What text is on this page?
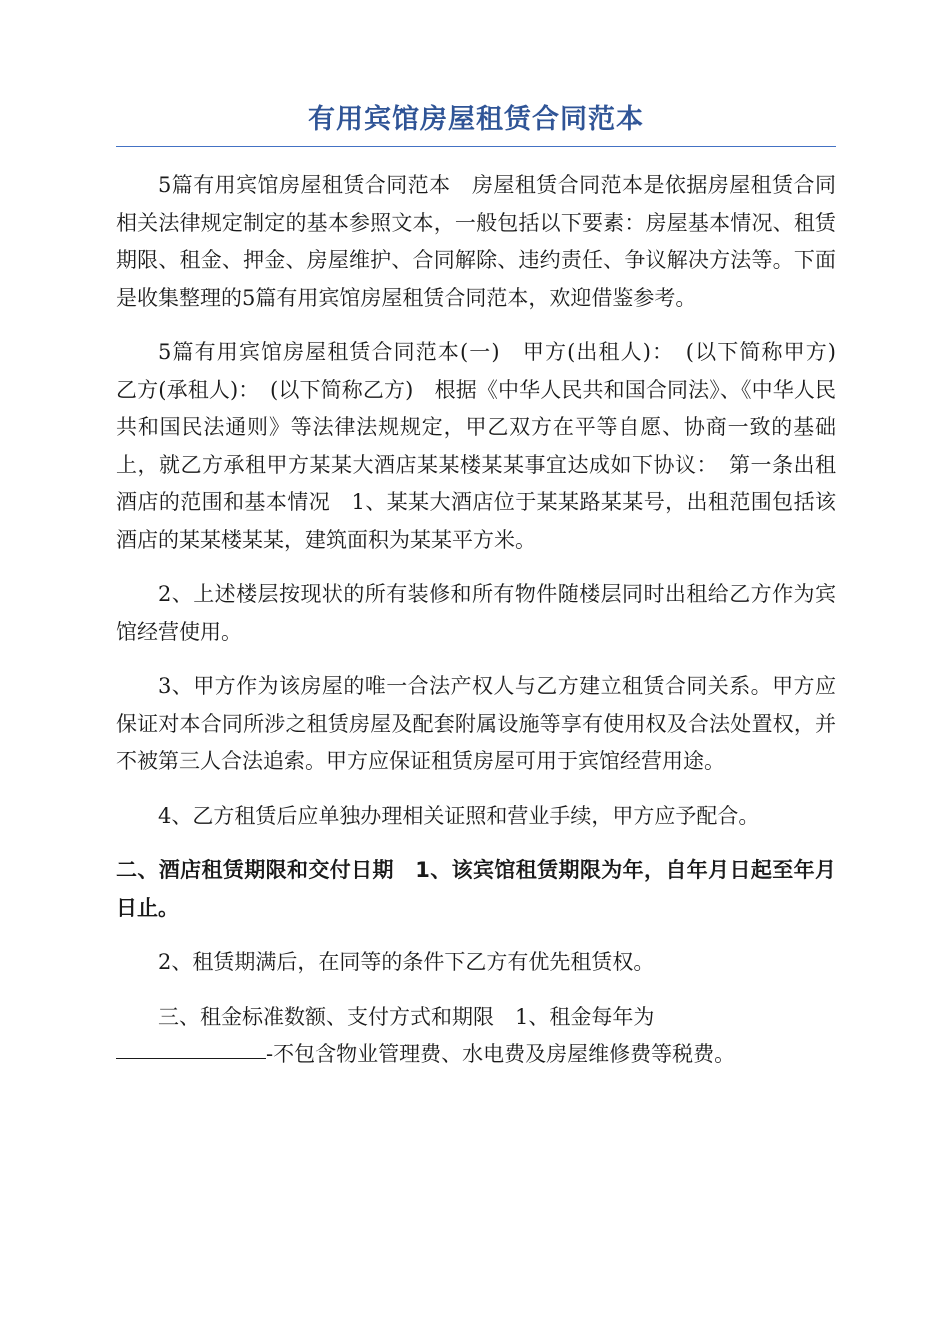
有用宾馆房屋租赁合同范本

5篇有用宾馆房屋租赁合同范本　房屋租赁合同范本是依据房屋租赁合同相关法律规定制定的基本参照文本，一般包括以下要素：房屋基本情况、租赁期限、租金、押金、房屋维护、合同解除、违约责任、争议解决方法等。下面是收集整理的5篇有用宾馆房屋租赁合同范本，欢迎借鉴参考。

5篇有用宾馆房屋租赁合同范本(一)　甲方(出租人)：　(以下简称甲方)　乙方(承租人)：　(以下简称乙方)　根据《中华人民共和国合同法》、《中华人民共和国民法通则》等法律法规规定，甲乙双方在平等自愿、协商一致的基础上，就乙方承租甲方某某大酒店某某楼某某事宜达成如下协议：　第一条出租酒店的范围和基本情况　1、某某大酒店位于某某路某某号，出租范围包括该酒店的某某楼某某，建筑面积为某某平方米。

2、上述楼层按现状的所有装修和所有物件随楼层同时出租给乙方作为宾馆经营使用。

3、甲方作为该房屋的唯一合法产权人与乙方建立租赁合同关系。甲方应保证对本合同所涉之租赁房屋及配套附属设施等享有使用权及合法处置权，并不被第三人合法追索。甲方应保证租赁房屋可用于宾馆经营用途。

4、乙方租赁后应单独办理相关证照和营业手续，甲方应予配合。

二、酒店租赁期限和交付日期　1、该宾馆租赁期限为年，自年月日起至年月日止。

2、租赁期满后，在同等的条件下乙方有优先租赁权。

三、租金标准数额、支付方式和期限　1、租金每年为

-不包含物业管理费、水电费及房屋维修费等税费。
